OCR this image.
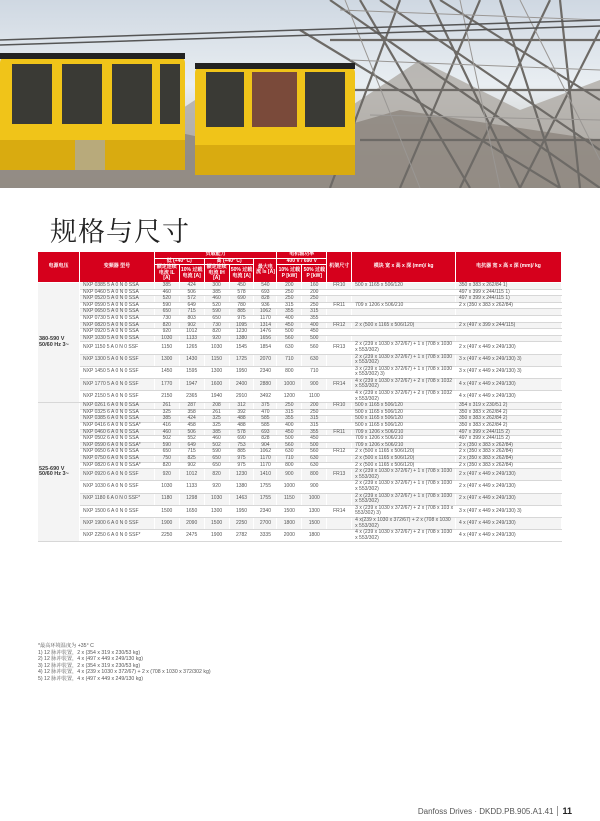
规格与尺寸
电源电压	变频器 型号	负载能力					电机轴功率		机架尺寸	模块 宽 x 高 x 深 (mm)/ kg	电抗器 宽 x 高 x 深 (mm)/ kg
		低 (+40° C)		高 (+40° C)		最大电流 Is [A]	400 V / 690 V				
		额定连续电流 IL [A]	10% 过载电流 [A]	额定连续电流 IH [A]	50% 过载电流 [A]		10% 过载 P [kW]	50% 过载 P [kW]			
380-590 V 50/60 Hz 3~	NXP 0385 5 A 0 N 0 SSA	385	424	300	450	540	200	160	FR10	500 x 1165 x 506/120	350 x 383 x 262/84 1)
	NXP 0460 5 A 0 N 0 SSA	460	506	385	578	693	250	200			497 x 399 x 244/115 1)
	NXP 0520 5 A 0 N 0 SSA	520	572	460	690	828	250	250			497 x 399 x 244/115 1)
	NXP 0590 5 A 0 N 0 SSA	590	649	520	780	936	315	250	FR11	709 x 1206 x 506/210	2 x (350 x 383 x 262/84)
	NXP 0650 5 A 0 N 0 SSA	650	715	590	885	1062	355	315			
	NXP 0730 5 A 0 N 0 SSA	730	803	650	975	1170	400	355			
	NXP 0820 5 A 0 N 0 SSA	820	902	730	1095	1314	450	400	FR12	2 x (500 x 1165 x 506/120)	2 x (497 x 399 x 244/115)
	NXP 0920 5 A 0 N 0 SSA	920	1012	820	1230	1476	500	450			
	NXP 1030 5 A 0 N 0 SSA	1030	1133	920	1380	1656	560	500			
	NXP 1150 5 A 0 N 0 SSF	1150	1265	1030	1545	1854	630	560	FR13	2 x (239 x 1030 x 372/67) + 1 x (708 x 1030 x 553/302)	2 x (497 x 449 x 249/130)
	NXP 1300 5 A 0 N 0 SSF	1300	1430	1150	1725	2070	710	630		2 x (239 x 1030 x 372/67) + 1 x (708 x 1030 x 553/302)	3 x (497 x 449 x 249/130) 3)
	NXP 1450 5 A 0 N 0 SSF	1450	1595	1300	1950	2340	800	710		3 x (239 x 1030 x 372/67) + 1 x (708 x 1030 x 553/302) 3)	3 x (497 x 449 x 249/130) 3)
	NXP 1770 5 A 0 N 0 SSF	1770	1947	1600	2400	2880	1000	900	FR14	4 x (239 x 1030 x 372/67) + 2 x (708 x 1032 x 553/302)	4 x (497 x 449 x 249/130)
	NXP 2150 5 A 0 N 0 SSF	2150	2365	1940	2910	3492	1200	1100		4 x (239 x 1030 x 372/67) + 2 x (708 x 1032 x 553/302)	4 x (497 x 449 x 249/130)
525-690 V 50/60 Hz 3~	NXP 0261 6 A 0 N 0 SSA	261	287	208	312	375	250	200	FR10	500 x 1165 x 506/120	354 x 319 x 230/51 2)
	NXP 0325 6 A 0 N 0 SSA	325	358	261	392	470	315	250		500 x 1165 x 506/120	350 x 383 x 262/84 2)
	NXP 0385 6 A 0 N 0 SSA	385	424	325	488	585	355	315		500 x 1165 x 506/120	350 x 383 x 262/84 2)
	NXP 0416 6 A 0 N 0 SSA*	416	458	325	488	585	400	315		500 x 1165 x 506/120	350 x 383 x 262/84 2)
	NXP 0460 6 A 0 N 0 SSA	460	506	385	578	693	450	355	FR11	709 x 1206 x 506/210	497 x 399 x 244/115 2)
	NXP 0502 6 A 0 N 0 SSA	502	552	460	690	828	500	450		709 x 1206 x 506/210	497 x 399 x 244/115 2)
	NXP 0590 6 A 0 N 0 SSA*	590	649	502	753	904	560	500		709 x 1206 x 506/210	2 x (350 x 383 x 262/84)
	NXP 0650 6 A 0 N 0 SSA	650	715	590	885	1062	630	560	FR12	2 x (500 x 1165 x 506/120)	2 x (350 x 383 x 262/84)
	NXP 0750 6 A 0 N 0 SSA	750	825	650	975	1170	710	630		2 x (500 x 1165 x 506/120)	2 x (350 x 383 x 262/84)
	NXP 0820 6 A 0 N 0 SSA*	820	902	650	975	1170	800	630		2 x (500 x 1165 x 506/120)	2 x (350 x 383 x 262/84)
	NXP 0920 6 A 0 N 0 SSF	920	1012	820	1230	1410	900	800	FR13	2 x (239 x 1030 x 372/67) + 1 x (708 x 1030 x 553/302)	2 x (497 x 449 x 249/130)
	NXP 1030 6 A 0 N 0 SSF	1030	1133	920	1380	1755	1000	900		2 x (239 x 1030 x 372/67) + 1 x (708 x 1030 x 553/302)	2 x (497 x 449 x 249/130)
	NXP 1180 6 A 0 N 0 SSF*	1180	1298	1030	1463	1755	1150	1000		2 x (239 x 1030 x 372/67) + 1 x (708 x 1030 x 553/302)	2 x (497 x 449 x 249/130)
	NXP 1500 6 A 0 N 0 SSF	1500	1650	1300	1950	2340	1500	1300	FR14	3 x (239 x 1030 x 372/67) + 2 x (708 x 103 x 553/302) 3)	3 x (497 x 449 x 249/130) 3)
	NXP 1900 6 A 0 N 0 SSF	1900	2090	1500	2250	2700	1800	1500		4 x(239 x 1030 x 372/67) + 2 x (708 x 1030 x 553/302)	4 x (497 x 449 x 249/130)
	NXP 2250 6 A 0 N 0 SSF*	2250	2475	1900	2782	3335	2000	1800		4 x (239 x 1030 x 372/67) + 2 x (708 x 1030 x 553/302)	4 x (497 x 449 x 249/130)
*最高环境温度为 +35° C
1) 12 脉冲装置，2 x (354 x 319 x 230/53 kg)
2) 12 脉冲装置，4 x (497 x 449 x 249/130 kg)
3) 12 脉冲装置，2 x (354 x 319 x 230/53 kg)
4) 12 脉冲装置，4 x (239 x 1030 x 372/67) + 2 x (708 x 1030 x 372/302 kg)
5) 12 脉冲装置，4 x (497 x 449 x 249/130 kg)
Danfoss Drives · DKDD.PB.905.A1.41 11
